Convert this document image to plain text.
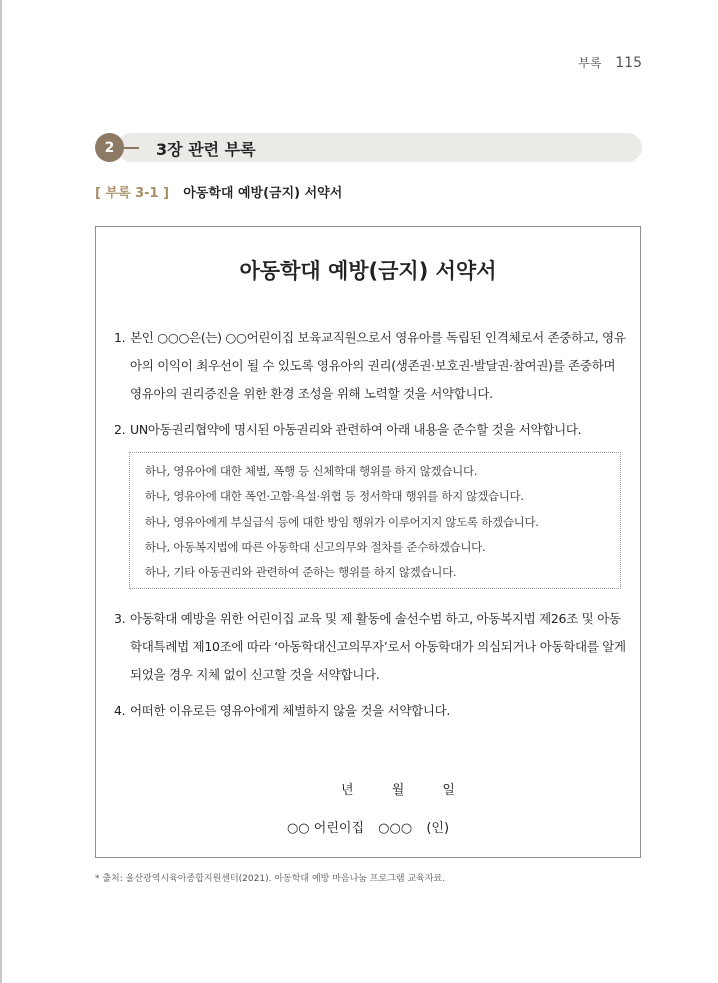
부록 115
2	3장 관련 부록
[ 부록 3-1 ] 아동학대 예방(금지) 서약서
아동학대 예방(금지) 서약서
1. 본인 ○○○은(는) ○○어린이집 보육교직원으로서 영유아를 독립된 인격체로서 존중하고, 영유아의 이익이 최우선이 될 수 있도록 영유아의 권리(생존권·보호권·발달권·참여권)를 존중하며 영유아의 권리증진을 위한 환경 조성을 위해 노력할 것을 서약합니다.
2. UN아동권리협약에 명시된 아동권리와 관련하여 아래 내용을 준수할 것을 서약합니다.
하나, 영유아에 대한 체벌, 폭행 등 신체학대 행위를 하지 않겠습니다.
하나, 영유아에 대한 폭언·고함·욕설·위협 등 정서학대 행위를 하지 않겠습니다.
하나, 영유아에게 부실급식 등에 대한 방임 행위가 이루어지지 않도록 하겠습니다.
하나, 아동복지법에 따른 아동학대 신고의무와 절차를 준수하겠습니다.
하나, 기타 아동권리와 관련하여 준하는 행위를 하지 않겠습니다.
3. 아동학대 예방을 위한 어린이집 교육 및 제 활동에 솔선수범 하고, 아동복지법 제26조 및 아동학대특례법 제10조에 따라 ‘아동학대신고의무자’로서 아동학대가 의심되거나 아동학대를 알게 되었을 경우 지체 없이 신고할 것을 서약합니다.
4. 어떠한 이유로든 영유아에게 체벌하지 않을 것을 서약합니다.
년	월	일
○○ 어린이집 ○○○ (인)
* 출처: 울산광역시육아종합지원센터(2021). 아동학대 예방 마음나눔 프로그램 교육자료.
